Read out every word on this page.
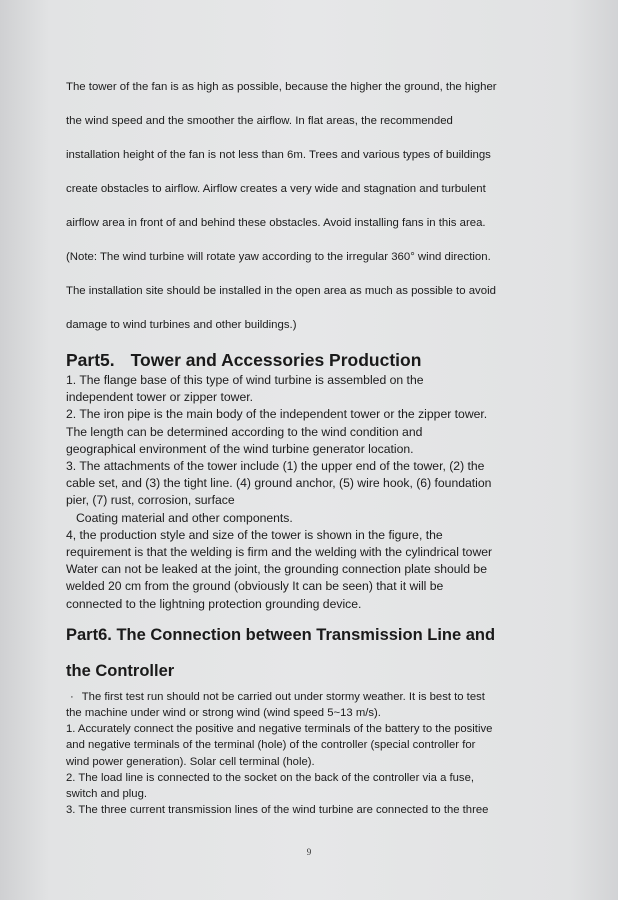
The tower of the fan is as high as possible, because the higher the ground, the higher

the wind speed and the smoother the airflow. In flat areas, the recommended

installation height of the fan is not less than 6m. Trees and various types of buildings

create obstacles to airflow. Airflow creates a very wide and stagnation and turbulent

airflow area in front of and behind these obstacles. Avoid installing fans in this area.

(Note: The wind turbine will rotate yaw according to the irregular 360° wind direction.

The installation site should be installed in the open area as much as possible to avoid

damage to wind turbines and other buildings.)

Part5. Tower and Accessories Production

1. The flange base of this type of wind turbine is assembled on the

independent tower or zipper tower.

2. The iron pipe is the main body of the independent tower or the zipper tower.

The length can be determined according to the wind condition and

geographical environment of the wind turbine generator location.

3. The attachments of the tower include (1) the upper end of the tower, (2) the

cable set, and (3) the tight line. (4) ground anchor, (5) wire hook, (6) foundation

pier, (7) rust, corrosion, surface

Coating material and other components.

4, the production style and size of the tower is shown in the figure, the

requirement is that the welding is firm and the welding with the cylindrical tower

Water can not be leaked at the joint, the grounding connection plate should be

welded 20 cm from the ground (obviously It can be seen) that it will be

connected to the lightning protection grounding device.

Part6. The Connection between Transmission Line and
the Controller

· The first test run should not be carried out under stormy weather. It is best to test

the machine under wind or strong wind (wind speed 5~13 m/s).

1. Accurately connect the positive and negative terminals of the battery to the positive

and negative terminals of the terminal (hole) of the controller (special controller for

wind power generation). Solar cell terminal (hole).

2. The load line is connected to the socket on the back of the controller via a fuse,

switch and plug.

3. The three current transmission lines of the wind turbine are connected to the three

9
